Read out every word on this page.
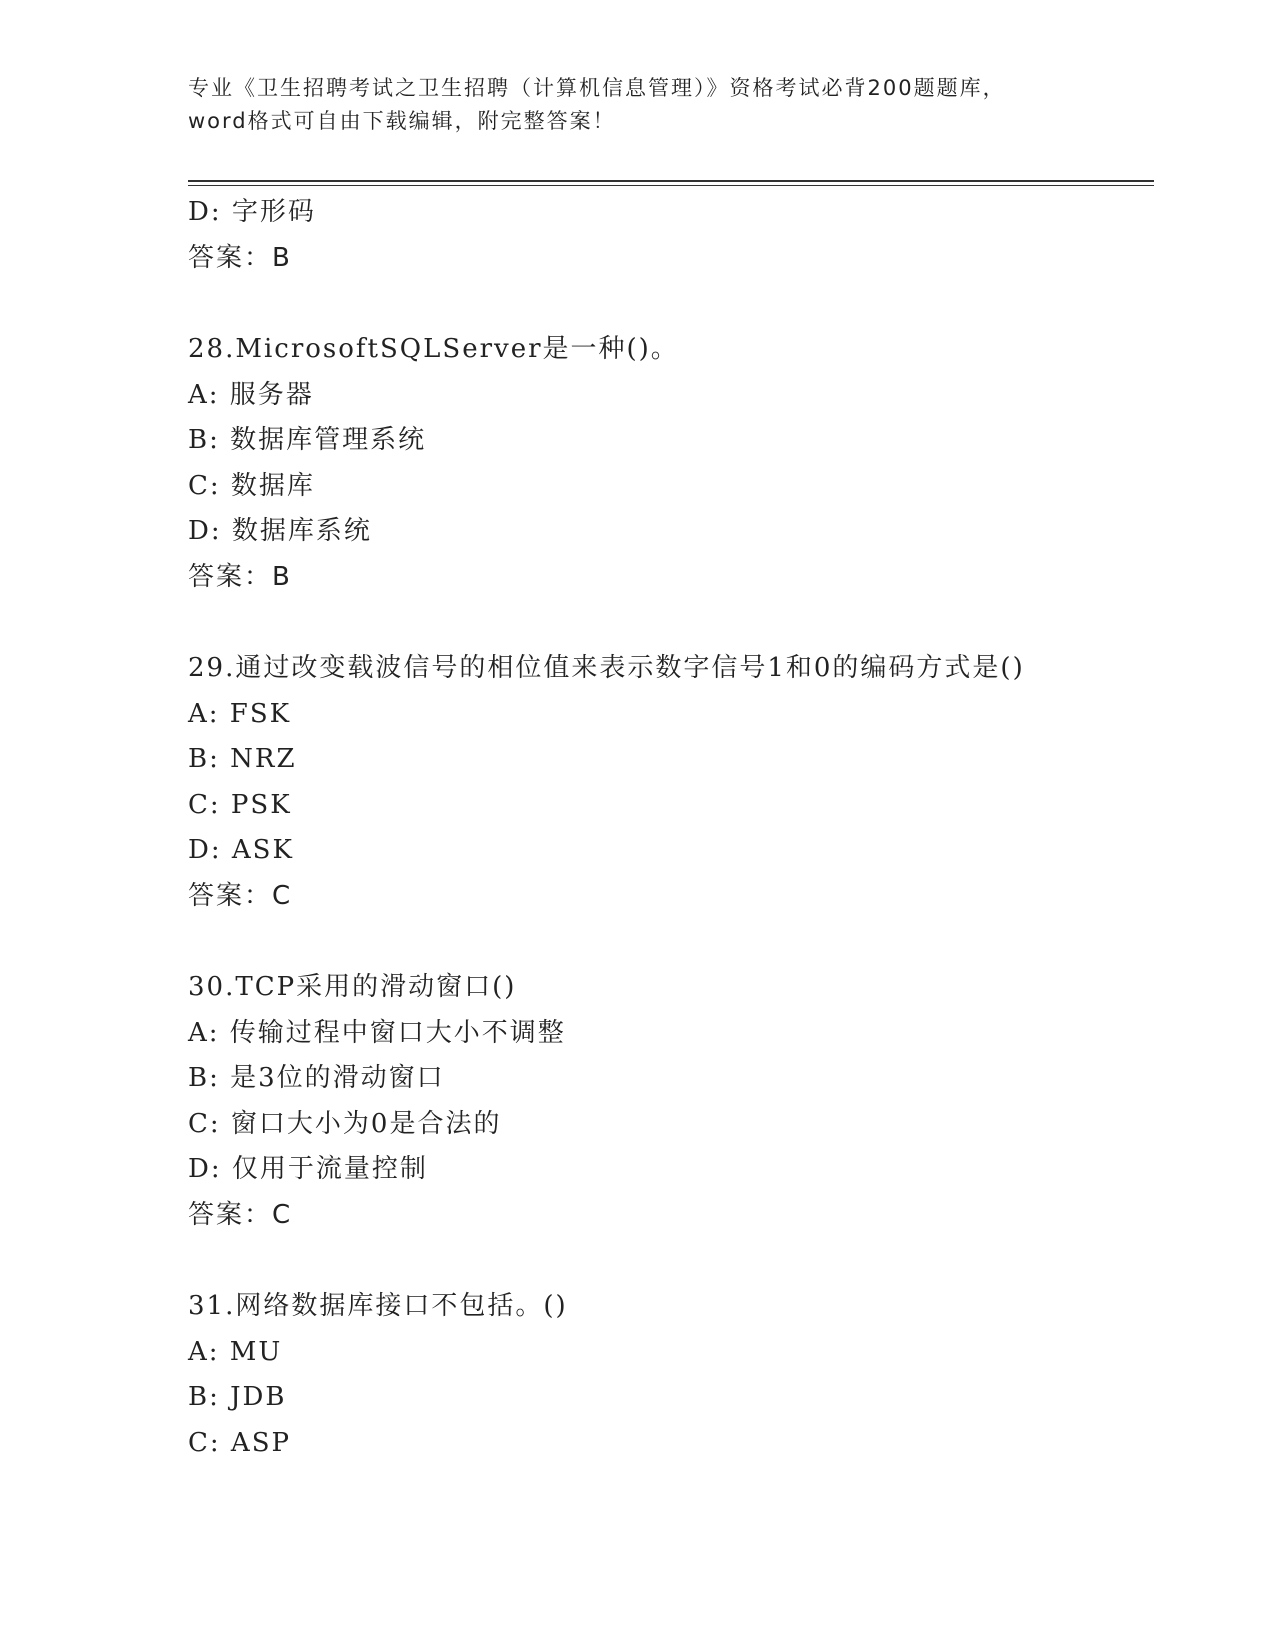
专业《卫生招聘考试之卫生招聘（计算机信息管理）》资格考试必背200题题库，
word格式可自由下载编辑，附完整答案！
D: 字形码
答案：B
28.MicrosoftSQLServer是一种()。
A: 服务器
B: 数据库管理系统
C: 数据库
D: 数据库系统
答案：B
29.通过改变载波信号的相位值来表示数字信号1和0的编码方式是()
A: FSK
B: NRZ
C: PSK
D: ASK
答案：C
30.TCP采用的滑动窗口()
A: 传输过程中窗口大小不调整
B: 是3位的滑动窗口
C: 窗口大小为0是合法的
D: 仅用于流量控制
答案：C
31.网络数据库接口不包括。()
A: MU
B: JDB
C: ASP
